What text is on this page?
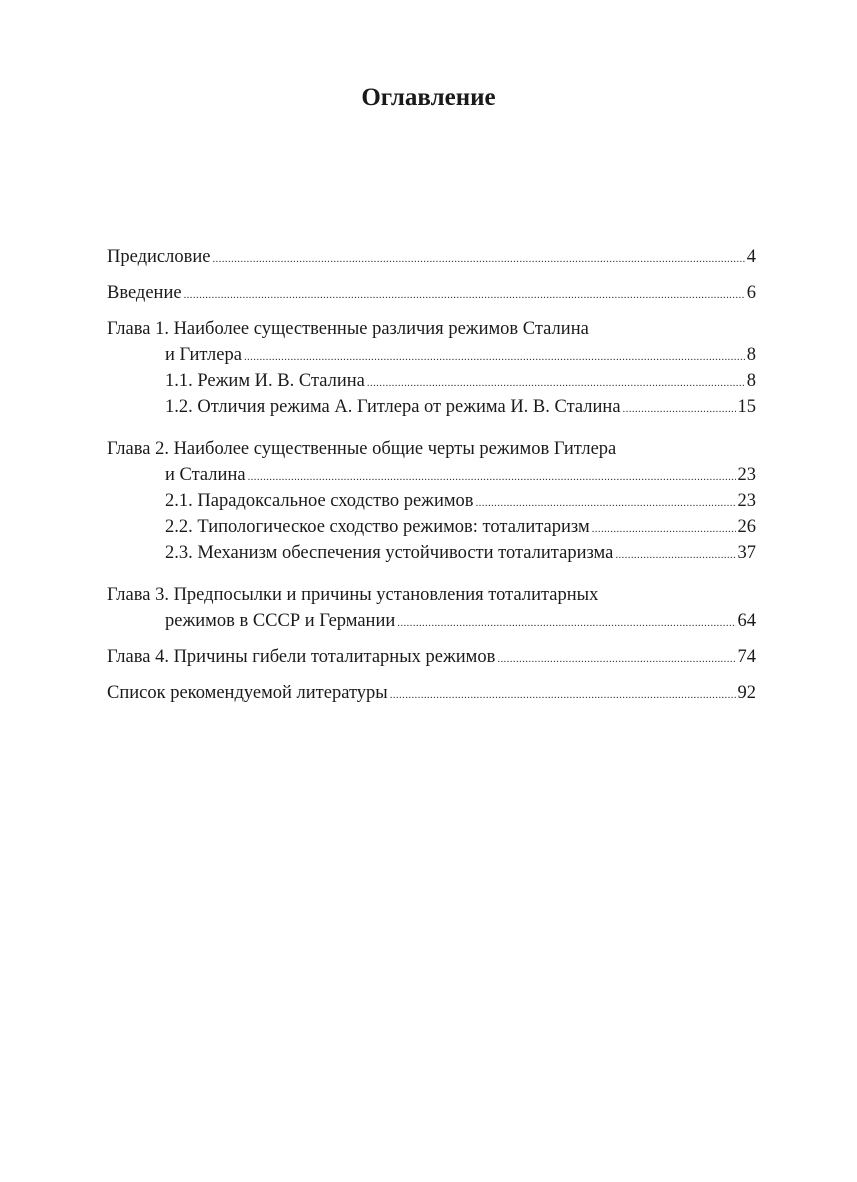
Оглавление
Предисловие . . .	4
Введение . . .	6
Глава 1. Наиболее существенные различия режимов Сталина
и Гитлера . . .	8
1.1. Режим И. В. Сталина . . .	8
1.2. Отличия режима А. Гитлера от режима И. В. Сталина . . .	15
Глава 2. Наиболее существенные общие черты режимов Гитлера
и Сталина . . .	23
2.1. Парадоксальное сходство режимов . . .	23
2.2. Типологическое сходство режимов: тоталитаризм . . .	26
2.3. Механизм обеспечения устойчивости тоталитаризма . . .	37
Глава 3. Предпосылки и причины установления тоталитарных
режимов в СССР и Германии . . .	64
Глава 4. Причины гибели тоталитарных режимов . . .	74
Список рекомендуемой литературы . . .	92
